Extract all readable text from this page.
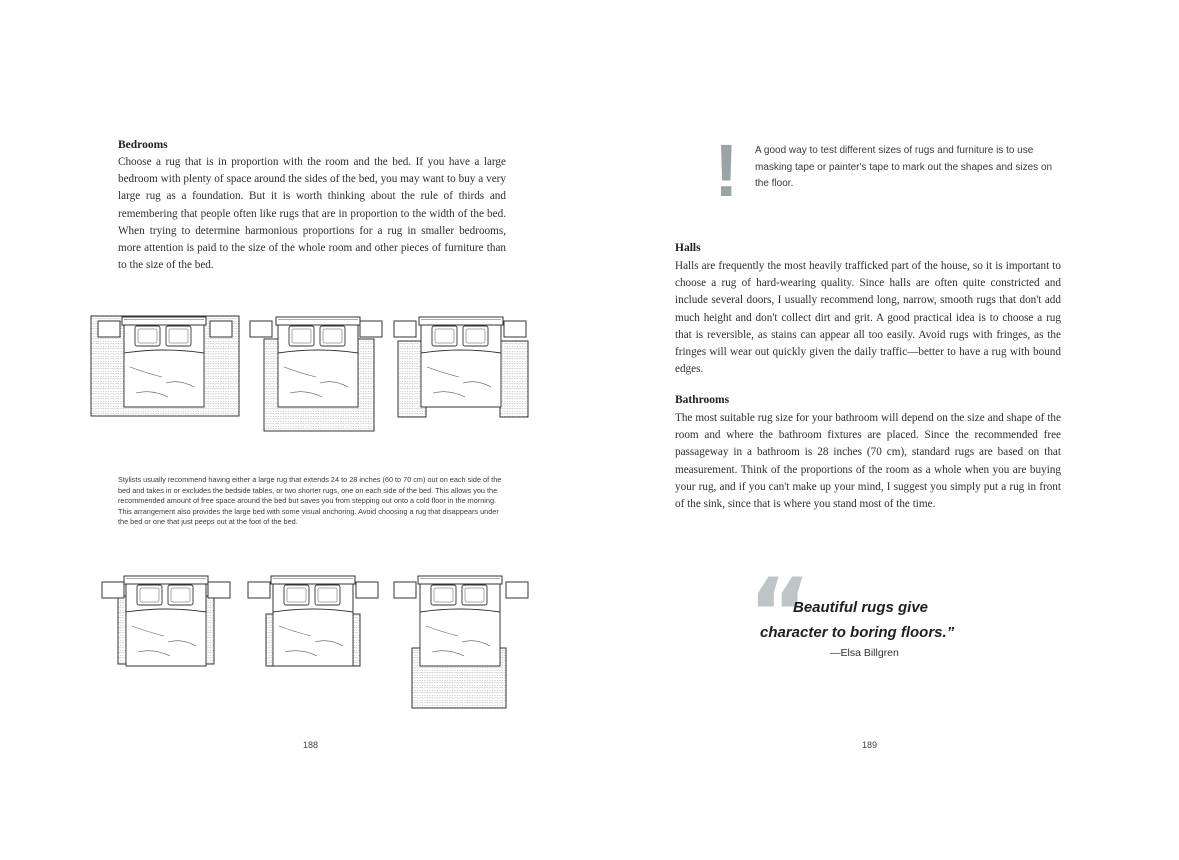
Bedrooms
Choose a rug that is in proportion with the room and the bed. If you have a large bedroom with plenty of space around the sides of the bed, you may want to buy a very large rug as a foundation. But it is worth thinking about the rule of thirds and remembering that people often like rugs that are in proportion to the width of the bed. When trying to determine harmonious proportions for a rug in smaller bedrooms, more attention is paid to the size of the whole room and other pieces of furniture than to the size of the bed.
Stylists usually recommend having either a large rug that extends 24 to 28 inches (60 to 70 cm) out on each side of the bed and takes in or excludes the bedside tables, or two shorter rugs, one on each side of the bed. This allows you the recommended amount of free space around the bed but saves you from stepping out onto a cold floor in the morning. This arrangement also provides the large bed with some visual anchoring. Avoid choosing a rug that disappears under the bed or one that just peeps out at the foot of the bed.
188
! A good way to test different sizes of rugs and furniture is to use masking tape or painter's tape to mark out the shapes and sizes on the floor.
Halls
Halls are frequently the most heavily trafficked part of the house, so it is important to choose a rug of hard-wearing quality. Since halls are often quite constricted and include several doors, I usually recommend long, narrow, smooth rugs that don't add much height and don't collect dirt and grit. A good practical idea is to choose a rug that is reversible, as stains can appear all too easily. Avoid rugs with fringes, as the fringes will wear out quickly given the daily traffic—better to have a rug with bound edges.
Bathrooms
The most suitable rug size for your bathroom will depend on the size and shape of the room and where the bathroom fixtures are placed. Since the recommended free passageway in a bathroom is 28 inches (70 cm), standard rugs are based on that measurement. Think of the proportions of the room as a whole when you are buying your rug, and if you can't make up your mind, I suggest you simply put a rug in front of the sink, since that is where you stand most of the time.
“
Beautiful rugs give
character to boring floors.”
—Elsa Billgren
189
